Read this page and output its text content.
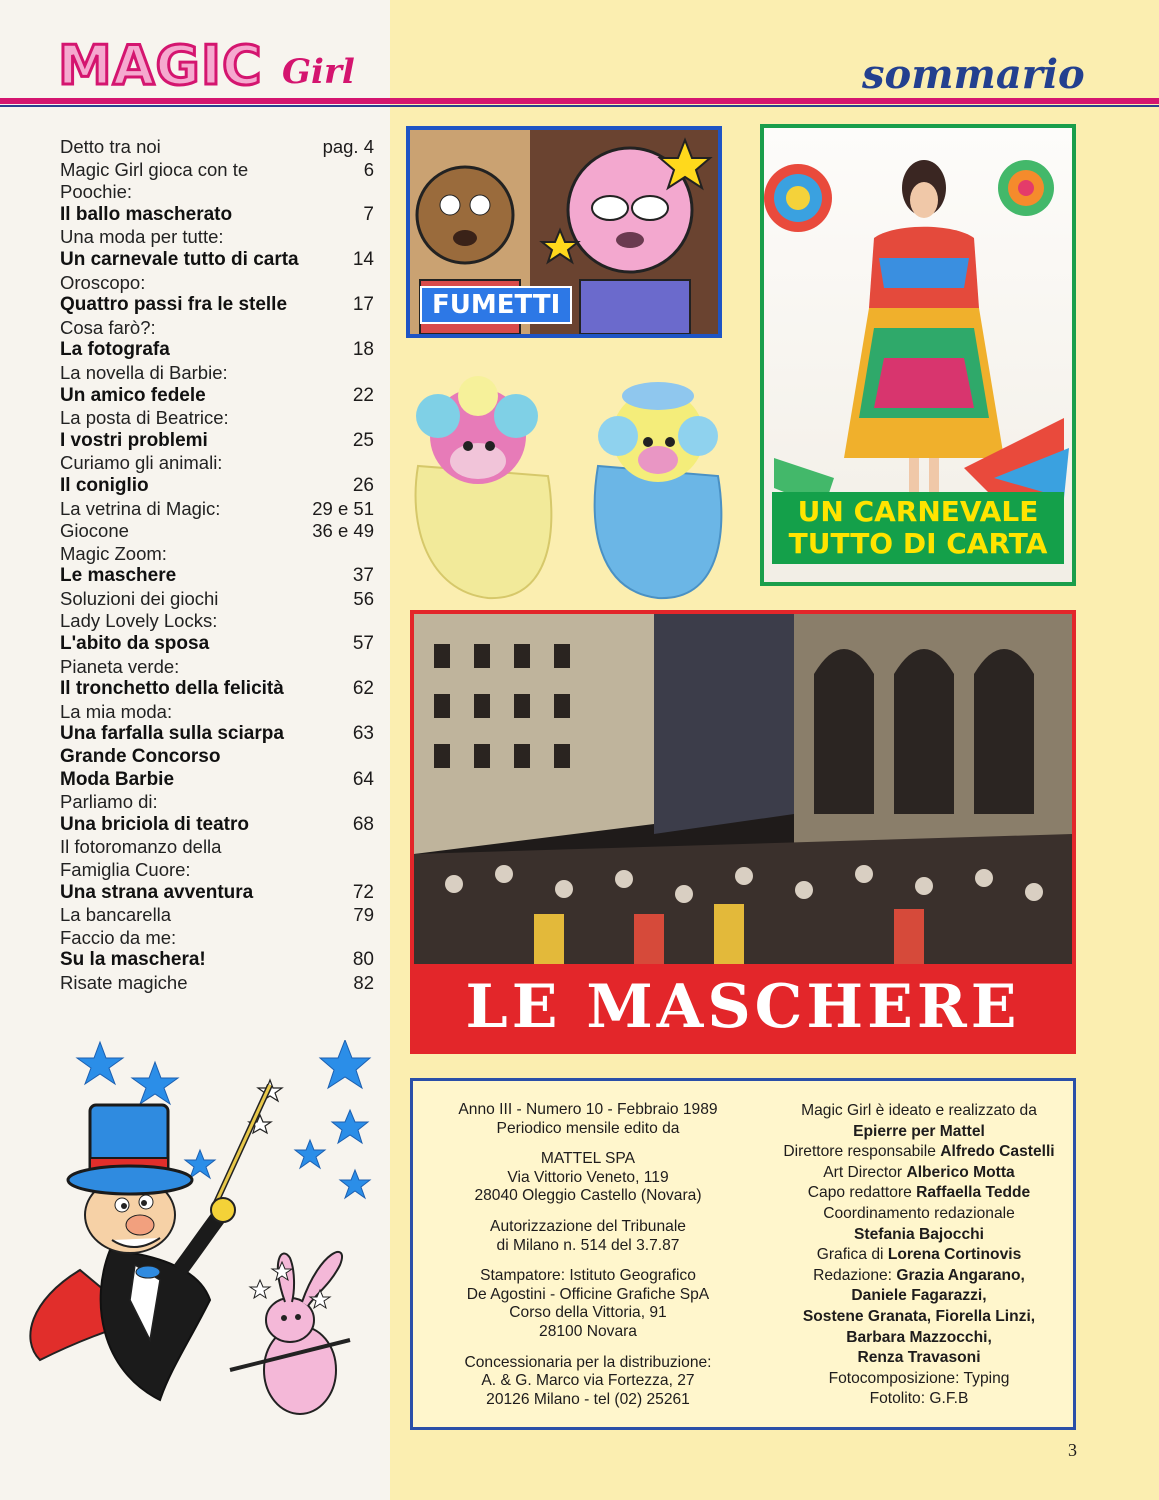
MAGIC Girl	sommario
Detto tra noi	pag. 4
Magic Girl gioca con te	6
Poochie:
Il ballo mascherato	7
Una moda per tutte:
Un carnevale tutto di carta	14
Oroscopo:
Quattro passi fra le stelle	17
Cosa farò?:
La fotografa	18
La novella di Barbie:
Un amico fedele	22
La posta di Beatrice:
I vostri problemi	25
Curiamo gli animali:
Il coniglio	26
La vetrina di Magic:	29 e 51
Giocone	36 e 49
Magic Zoom:
Le maschere	37
Soluzioni dei giochi	56
Lady Lovely Locks:
L'abito da sposa	57
Pianeta verde:
Il tronchetto della felicità	62
La mia moda:
Una farfalla sulla sciarpa	63
Grande Concorso
Moda Barbie	64
Parliamo di:
Una briciola di teatro	68
Il fotoromanzo della
Famiglia Cuore:
Una strana avventura	72
La bancarella	79
Faccio da me:
Su la maschera!	80
Risate magiche	82
FUMETTI
UN CARNEVALE
TUTTO DI CARTA
LE MASCHERE
Anno III - Numero 10 - Febbraio 1989
Periodico mensile edito da
MATTEL SPA
Via Vittorio Veneto, 119
28040 Oleggio Castello (Novara)
Autorizzazione del Tribunale
di Milano n. 514 del 3.7.87
Stampatore: Istituto Geografico
De Agostini - Officine Grafiche SpA
Corso della Vittoria, 91
28100 Novara
Concessionaria per la distribuzione:
A. & G. Marco via Fortezza, 27
20126 Milano - tel (02) 25261
Magic Girl è ideato e realizzato da
Epierre per Mattel
Direttore responsabile Alfredo Castelli
Art Director Alberico Motta
Capo redattore Raffaella Tedde
Coordinamento redazionale
Stefania Bajocchi
Grafica di Lorena Cortinovis
Redazione: Grazia Angarano,
Daniele Fagarazzi,
Sostene Granata, Fiorella Linzi,
Barbara Mazzocchi,
Renza Travasoni
Fotocomposizione: Typing
Fotolito: G.F.B
3
